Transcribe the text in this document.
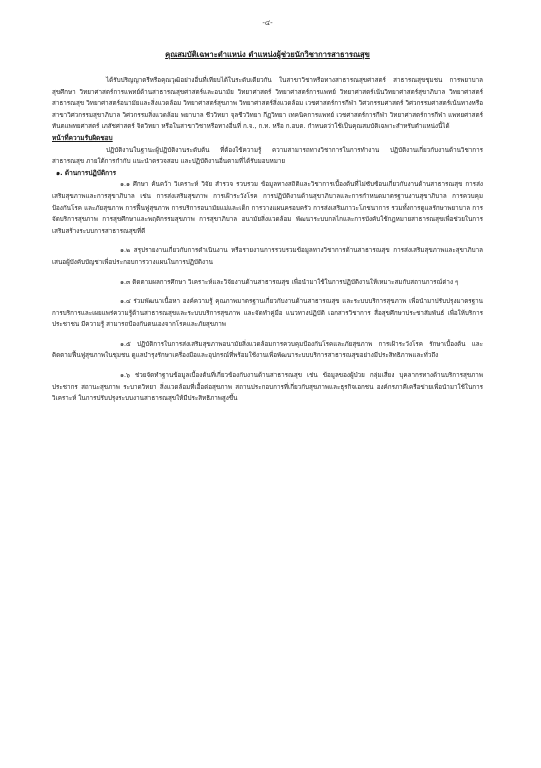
-๔-
คุณสมบัติเฉพาะตำแหน่ง ตำแหน่งผู้ช่วยนักวิชาการสาธารณสุข

ได้รับปริญญาตรีหรือคุณวุฒิอย่างอื่นที่เทียบได้ในระดับเดียวกัน ในสาขาวิชาหรือทางสาธารณสุขศาสตร์ สาธารณสุขชุมชน การพยาบาล สุขศึกษา วิทยาศาสตร์การแพทย์ด้านสาธารณสุขศาสตร์และอนามัย วิทยาศาสตร์ วิทยาศาสตร์การแพทย์ วิทยาศาสตร์เน้นวิทยาศาสตร์สุขาภิบาล วิทยาศาสตร์สาธารณสุข วิทยาศาสตร์อนามัยและสิ่งแวดล้อม วิทยาศาสตร์สุขภาพ วิทยาศาสตร์สิ่งแวดล้อม เวชศาสตร์การกีฬา วิศวกรรมศาสตร์ วิศวกรรมศาสตร์เน้นทางหรือสาขาวิศวกรรมสุขาภิบาล วิศวกรรมสิ่งแวดล้อม พยาบาล ชีววิทยา จุลชีววิทยา กีฏวิทยา เทคนิคการแพทย์ เวชศาสตร์การกีฬา วิทยาศาสตร์การกีฬา แพทยศาสตร์ ทันตแพทยศาสตร์ เภสัชศาสตร์ จิตวิทยา หรือในสาขาวิชาหรือทางอื่นที่ ก.จ., ก.ท. หรือ ก.อบต. กำหนดว่าใช้เป็นคุณสมบัติเฉพาะสำหรับตำแหน่งนี้ได้

หน้าที่ความรับผิดชอบ

ปฏิบัติงานในฐานะผู้ปฏิบัติงานระดับต้น ที่ต้องใช้ความรู้ ความสามารถทางวิชาการในการทำงาน ปฏิบัติงานเกี่ยวกับงานด้านวิชาการสาธารณสุข ภายใต้การกำกับ แนะนำตรวจสอบ และปฏิบัติงานอื่นตามที่ได้รับมอบหมาย

๑. ด้านการปฏิบัติการ

๑.๑ ศึกษา ค้นคว้า วิเคราะห์ วิจัย สำรวจ รวบรวม ข้อมูลทางสถิติและวิชาการเบื้องต้นที่ไม่ซับซ้อนเกี่ยวกับงานด้านสาธารณสุข การส่งเสริมสุขภาพและการสุขาภิบาล เช่น การส่งเสริมสุขภาพ การเฝ้าระวังโรค การปฏิบัติงานด้านสุขาภิบาลและการกำหนดมาตรฐานงานสุขาภิบาล การควบคุมป้องกันโรค และภัยสุขภาพ การฟื้นฟูสุขภาพ การบริการอนามัยแม่และเด็ก การวางแผนครอบครัว การส่งเสริมภาวะโภชนาการ รวมทั้งการดูแลรักษาพยาบาล การจัดบริการสุขภาพ การสุขศึกษาและพฤติกรรมสุขภาพ การสุขาภิบาล อนามัยสิ่งแวดล้อม พัฒนาระบบกลไกและการบังคับใช้กฎหมายสาธารณสุขเพื่อช่วยในการเสริมสร้างระบบการสาธารณสุขที่ดี

๑.๒ สรุปรายงานเกี่ยวกับการดำเนินงาน หรือรายงานการรวบรวมข้อมูลทางวิชาการด้านสาธารณสุข การส่งเสริมสุขภาพและสุขาภิบาลเสนอผู้บังคับบัญชาเพื่อประกอบการวางแผนในการปฏิบัติงาน

๑.๓ ติดตามผลการศึกษา วิเคราะห์และวิจัยงานด้านสาธารณสุข เพื่อนำมาใช้ในการปฏิบัติงานให้เหมาะสมกับสถานการณ์ต่าง ๆ

๑.๔ ร่วมพัฒนาเนื้อหา องค์ความรู้ คุณภาพมาตรฐานเกี่ยวกับงานด้านสาธารณสุข และระบบบริการสุขภาพ เพื่อนำมาปรับปรุงมาตรฐานการบริการและเผยแพร่ความรู้ด้านสาธารณสุขและระบบบริการสุขภาพ และจัดทำคู่มือ แนวทางปฏิบัติ เอกสารวิชาการ สื่อสุขศึกษาประชาสัมพันธ์ เพื่อให้บริการ ประชาชน มีความรู้ สามารถป้องกันตนเองจากโรคและภัยสุขภาพ

๑.๕ ปฏิบัติการในการส่งเสริมสุขภาพอนามัยสิ่งแวดล้อมการควบคุมป้องกันโรคและภัยสุขภาพ การเฝ้าระวังโรค รักษาเบื้องต้น และติดตามฟื้นฟูสุขภาพในชุมชน ดูแลบำรุงรักษาเครื่องมือและอุปกรณ์ที่พร้อมใช้งานเพื่อพัฒนาระบบบริการสาธารณสุขอย่างมีประสิทธิภาพและทั่วถึง

๑.๖ ช่วยจัดทำฐานข้อมูลเบื้องต้นที่เกี่ยวข้องกับงานด้านสาธารณสุข เช่น ข้อมูลของผู้ป่วย กลุ่มเสี่ยง บุคลากรทางด้านบริการสุขภาพประชากร สถานะสุขภาพ ระบาดวิทยา สิ่งแวดล้อมที่เอื้อต่อสุขภาพ สถานประกอบการที่เกี่ยวกับสุขภาพและธุรกิจเอกชน องค์กรภาคีเครือข่ายเพื่อนำมาใช้ในการวิเคราะห์ ในการปรับปรุงระบบงานสาธารณสุขให้มีประสิทธิภาพสูงขึ้น
